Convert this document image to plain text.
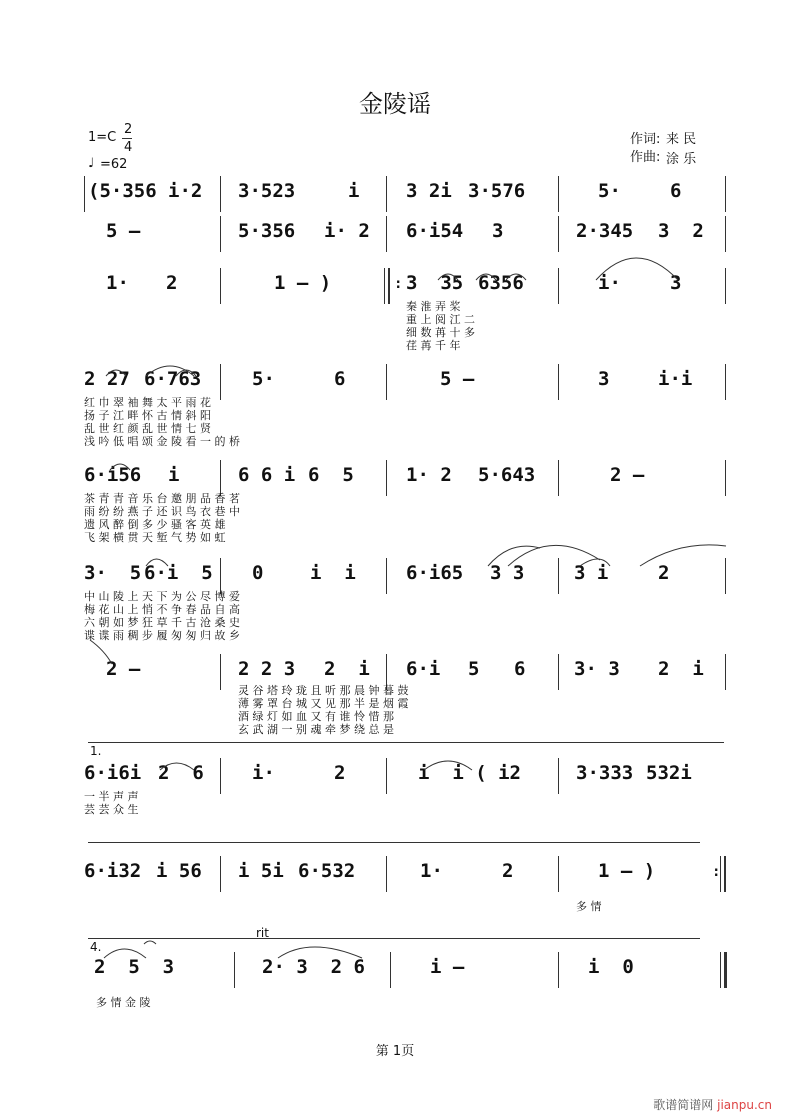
金陵谣
1=C
2
4
♩ =62
作词: 来 民
作曲: 涂 乐
(5·356 i·2 3·523	i 3 2i 3·576	5·	6
5 —	5·356 i· 2 6·i54 3	2·345 3  2
1· 2	1 — )	: 3  35 6356	i·	3
秦 淮 弄 桨
重 上 阅 江 二
细 数 苒 十 多
荏 苒 千 年
2 27 6·763	5·	6	5 —	3	i·i
红 巾 翠 袖 舞 太 平 雨 花
扬 子 江 畔 怀 古 情 斜 阳
乱 世 红 颜 乱 世 情 七 贤
浅 吟 低 唱 颂 金 陵 看 一 的 桥
6·i56 i	6 6 i 6  5	1· 2 5·643	2 —
茶 青 青 音 乐 台 邀 朋 品 香 茗
雨 纷 纷 燕 子 还 识 鸟 衣 巷 中
遗 风 醉 倒 多 少 骚 客 英 雄
飞 架 横 贯 天 堑 气 势 如 虹
3·  5 6·i  5 0 i  i	6·i65 3 3	3 i	2
中 山 陵 上 天 下 为 公 尽 博 爱
梅 花 山 上 悄 不 争 春 品 自 高
六 朝 如 梦 狂 草 千 古 沧 桑 史
谍 谍 雨 稠 步 履 匆 匆 归 故 乡
2 —	2 2 3 2  i 6·i 5 6	3· 3 2  i
灵 谷 塔 玲 珑 且 听 那 晨 钟 暮 鼓
薄 雾 罩 台 城 又 见 那 半 是 烟 霞
酒 绿 灯 如 血 又 有 谁 怜 惜 那
玄 武 湖 一 别 魂 牵 梦 绕 总 是
1.
6·i6i 2  6	i·	2	i  i ( i2	3·333 532i
一 半 声 声
芸 芸 众 生
6·i32 i 56 i 5i 6·532	1·	2	1 — )	:
多 情
4.
rit
2  5  3	2· 3  2 6	i —	i  0
多 情 金 陵
第 1页
歌谱简谱网 jianpu.cn
